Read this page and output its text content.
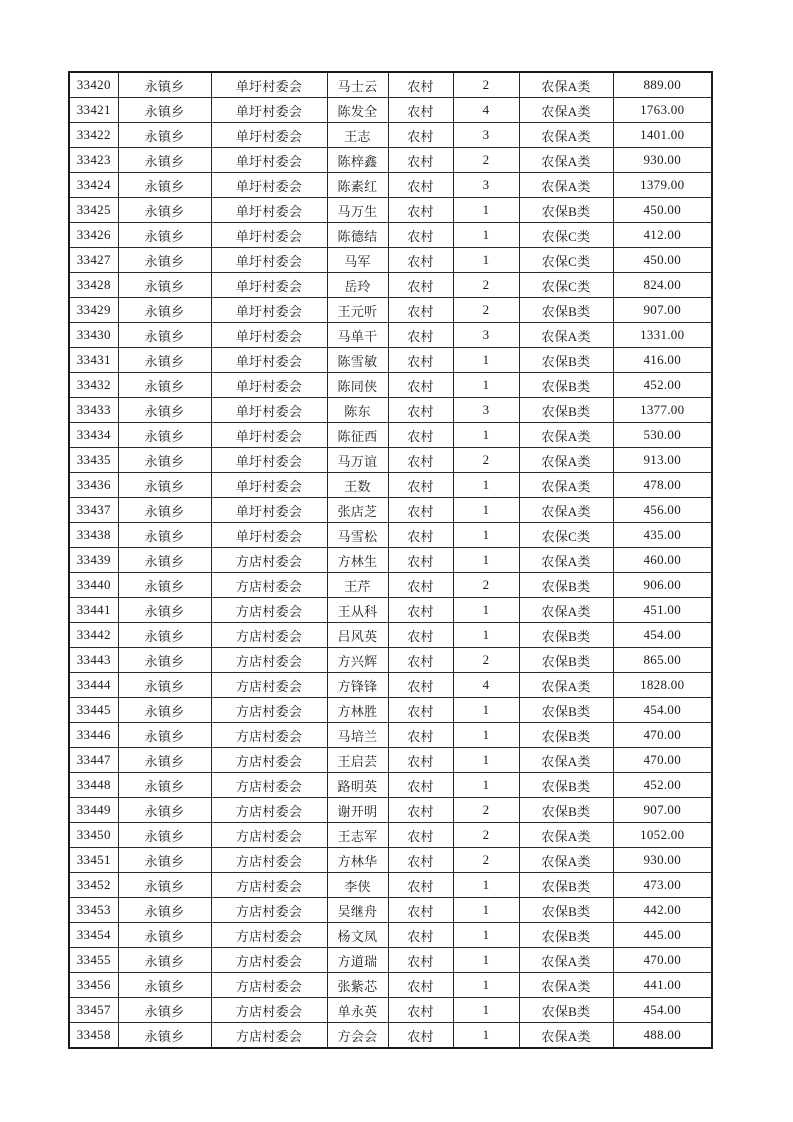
33420	永镇乡	单圩村委会	马士云	农村	2	农保A类	889.00
33421	永镇乡	单圩村委会	陈发全	农村	4	农保A类	1763.00
33422	永镇乡	单圩村委会	王志	农村	3	农保A类	1401.00
33423	永镇乡	单圩村委会	陈梓鑫	农村	2	农保A类	930.00
33424	永镇乡	单圩村委会	陈素红	农村	3	农保A类	1379.00
33425	永镇乡	单圩村委会	马万生	农村	1	农保B类	450.00
33426	永镇乡	单圩村委会	陈德结	农村	1	农保C类	412.00
33427	永镇乡	单圩村委会	马军	农村	1	农保C类	450.00
33428	永镇乡	单圩村委会	岳玲	农村	2	农保C类	824.00
33429	永镇乡	单圩村委会	王元听	农村	2	农保B类	907.00
33430	永镇乡	单圩村委会	马单干	农村	3	农保A类	1331.00
33431	永镇乡	单圩村委会	陈雪敏	农村	1	农保B类	416.00
33432	永镇乡	单圩村委会	陈同侠	农村	1	农保B类	452.00
33433	永镇乡	单圩村委会	陈东	农村	3	农保B类	1377.00
33434	永镇乡	单圩村委会	陈征西	农村	1	农保A类	530.00
33435	永镇乡	单圩村委会	马万谊	农村	2	农保A类	913.00
33436	永镇乡	单圩村委会	王数	农村	1	农保A类	478.00
33437	永镇乡	单圩村委会	张店芝	农村	1	农保A类	456.00
33438	永镇乡	单圩村委会	马雪松	农村	1	农保C类	435.00
33439	永镇乡	方店村委会	方林生	农村	1	农保A类	460.00
33440	永镇乡	方店村委会	王芹	农村	2	农保B类	906.00
33441	永镇乡	方店村委会	王从科	农村	1	农保A类	451.00
33442	永镇乡	方店村委会	吕风英	农村	1	农保B类	454.00
33443	永镇乡	方店村委会	方兴辉	农村	2	农保B类	865.00
33444	永镇乡	方店村委会	方锋锋	农村	4	农保A类	1828.00
33445	永镇乡	方店村委会	方林胜	农村	1	农保B类	454.00
33446	永镇乡	方店村委会	马培兰	农村	1	农保B类	470.00
33447	永镇乡	方店村委会	王启芸	农村	1	农保A类	470.00
33448	永镇乡	方店村委会	路明英	农村	1	农保B类	452.00
33449	永镇乡	方店村委会	谢开明	农村	2	农保B类	907.00
33450	永镇乡	方店村委会	王志军	农村	2	农保A类	1052.00
33451	永镇乡	方店村委会	方林华	农村	2	农保A类	930.00
33452	永镇乡	方店村委会	李侠	农村	1	农保B类	473.00
33453	永镇乡	方店村委会	吴继舟	农村	1	农保B类	442.00
33454	永镇乡	方店村委会	杨文凤	农村	1	农保B类	445.00
33455	永镇乡	方店村委会	方道瑞	农村	1	农保A类	470.00
33456	永镇乡	方店村委会	张紫芯	农村	1	农保A类	441.00
33457	永镇乡	方店村委会	单永英	农村	1	农保B类	454.00
33458	永镇乡	方店村委会	方会会	农村	1	农保A类	488.00
